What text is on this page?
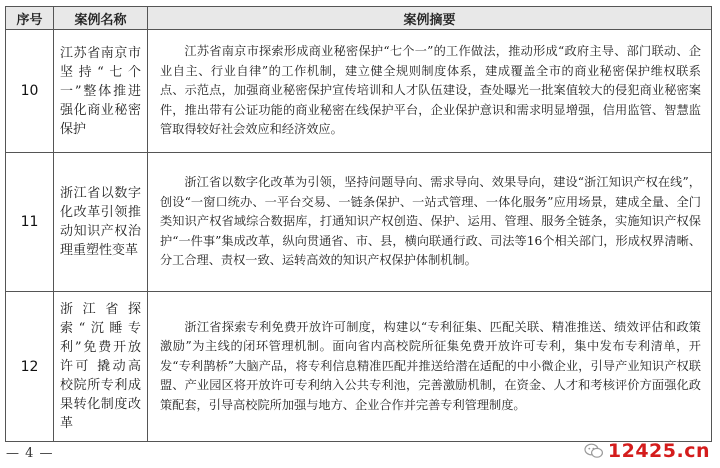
序号	案例名称	案例摘要
10	江苏省南京市坚持“七个一”整体推进 强化商业秘密保护	江苏省南京市探索形成商业秘密保护“七个一”的工作做法，推动形成“政府主导、部门联动、企业自主、行业自律”的工作机制，建立健全规则制度体系，建成覆盖全市的商业秘密保护维权联系点、示范点，加强商业秘密保护宣传培训和人才队伍建设，查处曝光一批案值较大的侵犯商业秘密案件，推出带有公证功能的商业秘密在线保护平台，企业保护意识和需求明显增强，信用监管、智慧监管取得较好社会效应和经济效应。
11	浙江省以数字化改革引领推动知识产权治理重塑性变革	浙江省以数字化改革为引领，坚持问题导向、需求导向、效果导向，建设“浙江知识产权在线”，创设“一窗口统办、一平台交易、一链条保护、一站式管理、一体化服务”应用场景，建成全量、全门类知识产权省域综合数据库，打通知识产权创造、保护、运用、管理、服务全链条，实施知识产权保护“一件事”集成改革，纵向贯通省、市、县，横向联通行政、司法等16个相关部门，形成权界清晰、分工合理、责权一致、运转高效的知识产权保护体制机制。
12	浙江省探索“沉睡专利”免费开放许可 撬动高校院所专利成果转化制度改革	浙江省探索专利免费开放许可制度，构建以“专利征集、匹配关联、精准推送、绩效评估和政策激励”为主线的闭环管理机制。面向省内高校院所征集免费开放许可专利，集中发布专利清单，开发“专利鹊桥”大脑产品，将专利信息精准匹配并推送给潜在适配的中小微企业，引导产业知识产权联盟、产业园区将开放许可专利纳入公共专利池，完善激励机制，在资金、人才和考核评价方面强化政策配套，引导高校院所加强与地方、企业合作并完善专利管理制度。
— 4 —	12425.cn
